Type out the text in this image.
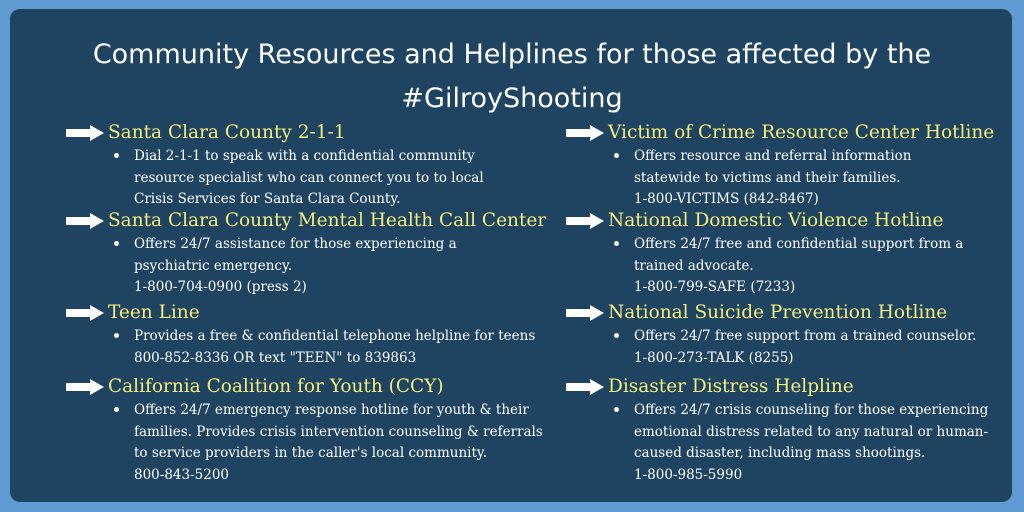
Community Resources and Helplines for those affected by the
#GilroyShooting
Santa Clara County 2-1-1
Dial 2-1-1 to speak with a confidential community
resource specialist who can connect you to to local
Crisis Services for Santa Clara County.
Santa Clara County Mental Health Call Center
Offers 24/7 assistance for those experiencing a
psychiatric emergency.
1-800-704-0900 (press 2)
Teen Line
Provides a free & confidential telephone helpline for teens
800-852-8336 OR text "TEEN" to 839863
California Coalition for Youth (CCY)
Offers 24/7 emergency response hotline for youth & their
families. Provides crisis intervention counseling & referrals
to service providers in the caller's local community.
800-843-5200
Victim of Crime Resource Center Hotline
Offers resource and referral information
statewide to victims and their families.
1-800-VICTIMS (842-8467)
National Domestic Violence Hotline
Offers 24/7 free and confidential support from a
trained advocate.
1-800-799-SAFE (7233)
National Suicide Prevention Hotline
Offers 24/7 free support from a trained counselor.
1-800-273-TALK (8255)
Disaster Distress Helpline
Offers 24/7 crisis counseling for those experiencing
emotional distress related to any natural or human-
caused disaster, including mass shootings.
1-800-985-5990
